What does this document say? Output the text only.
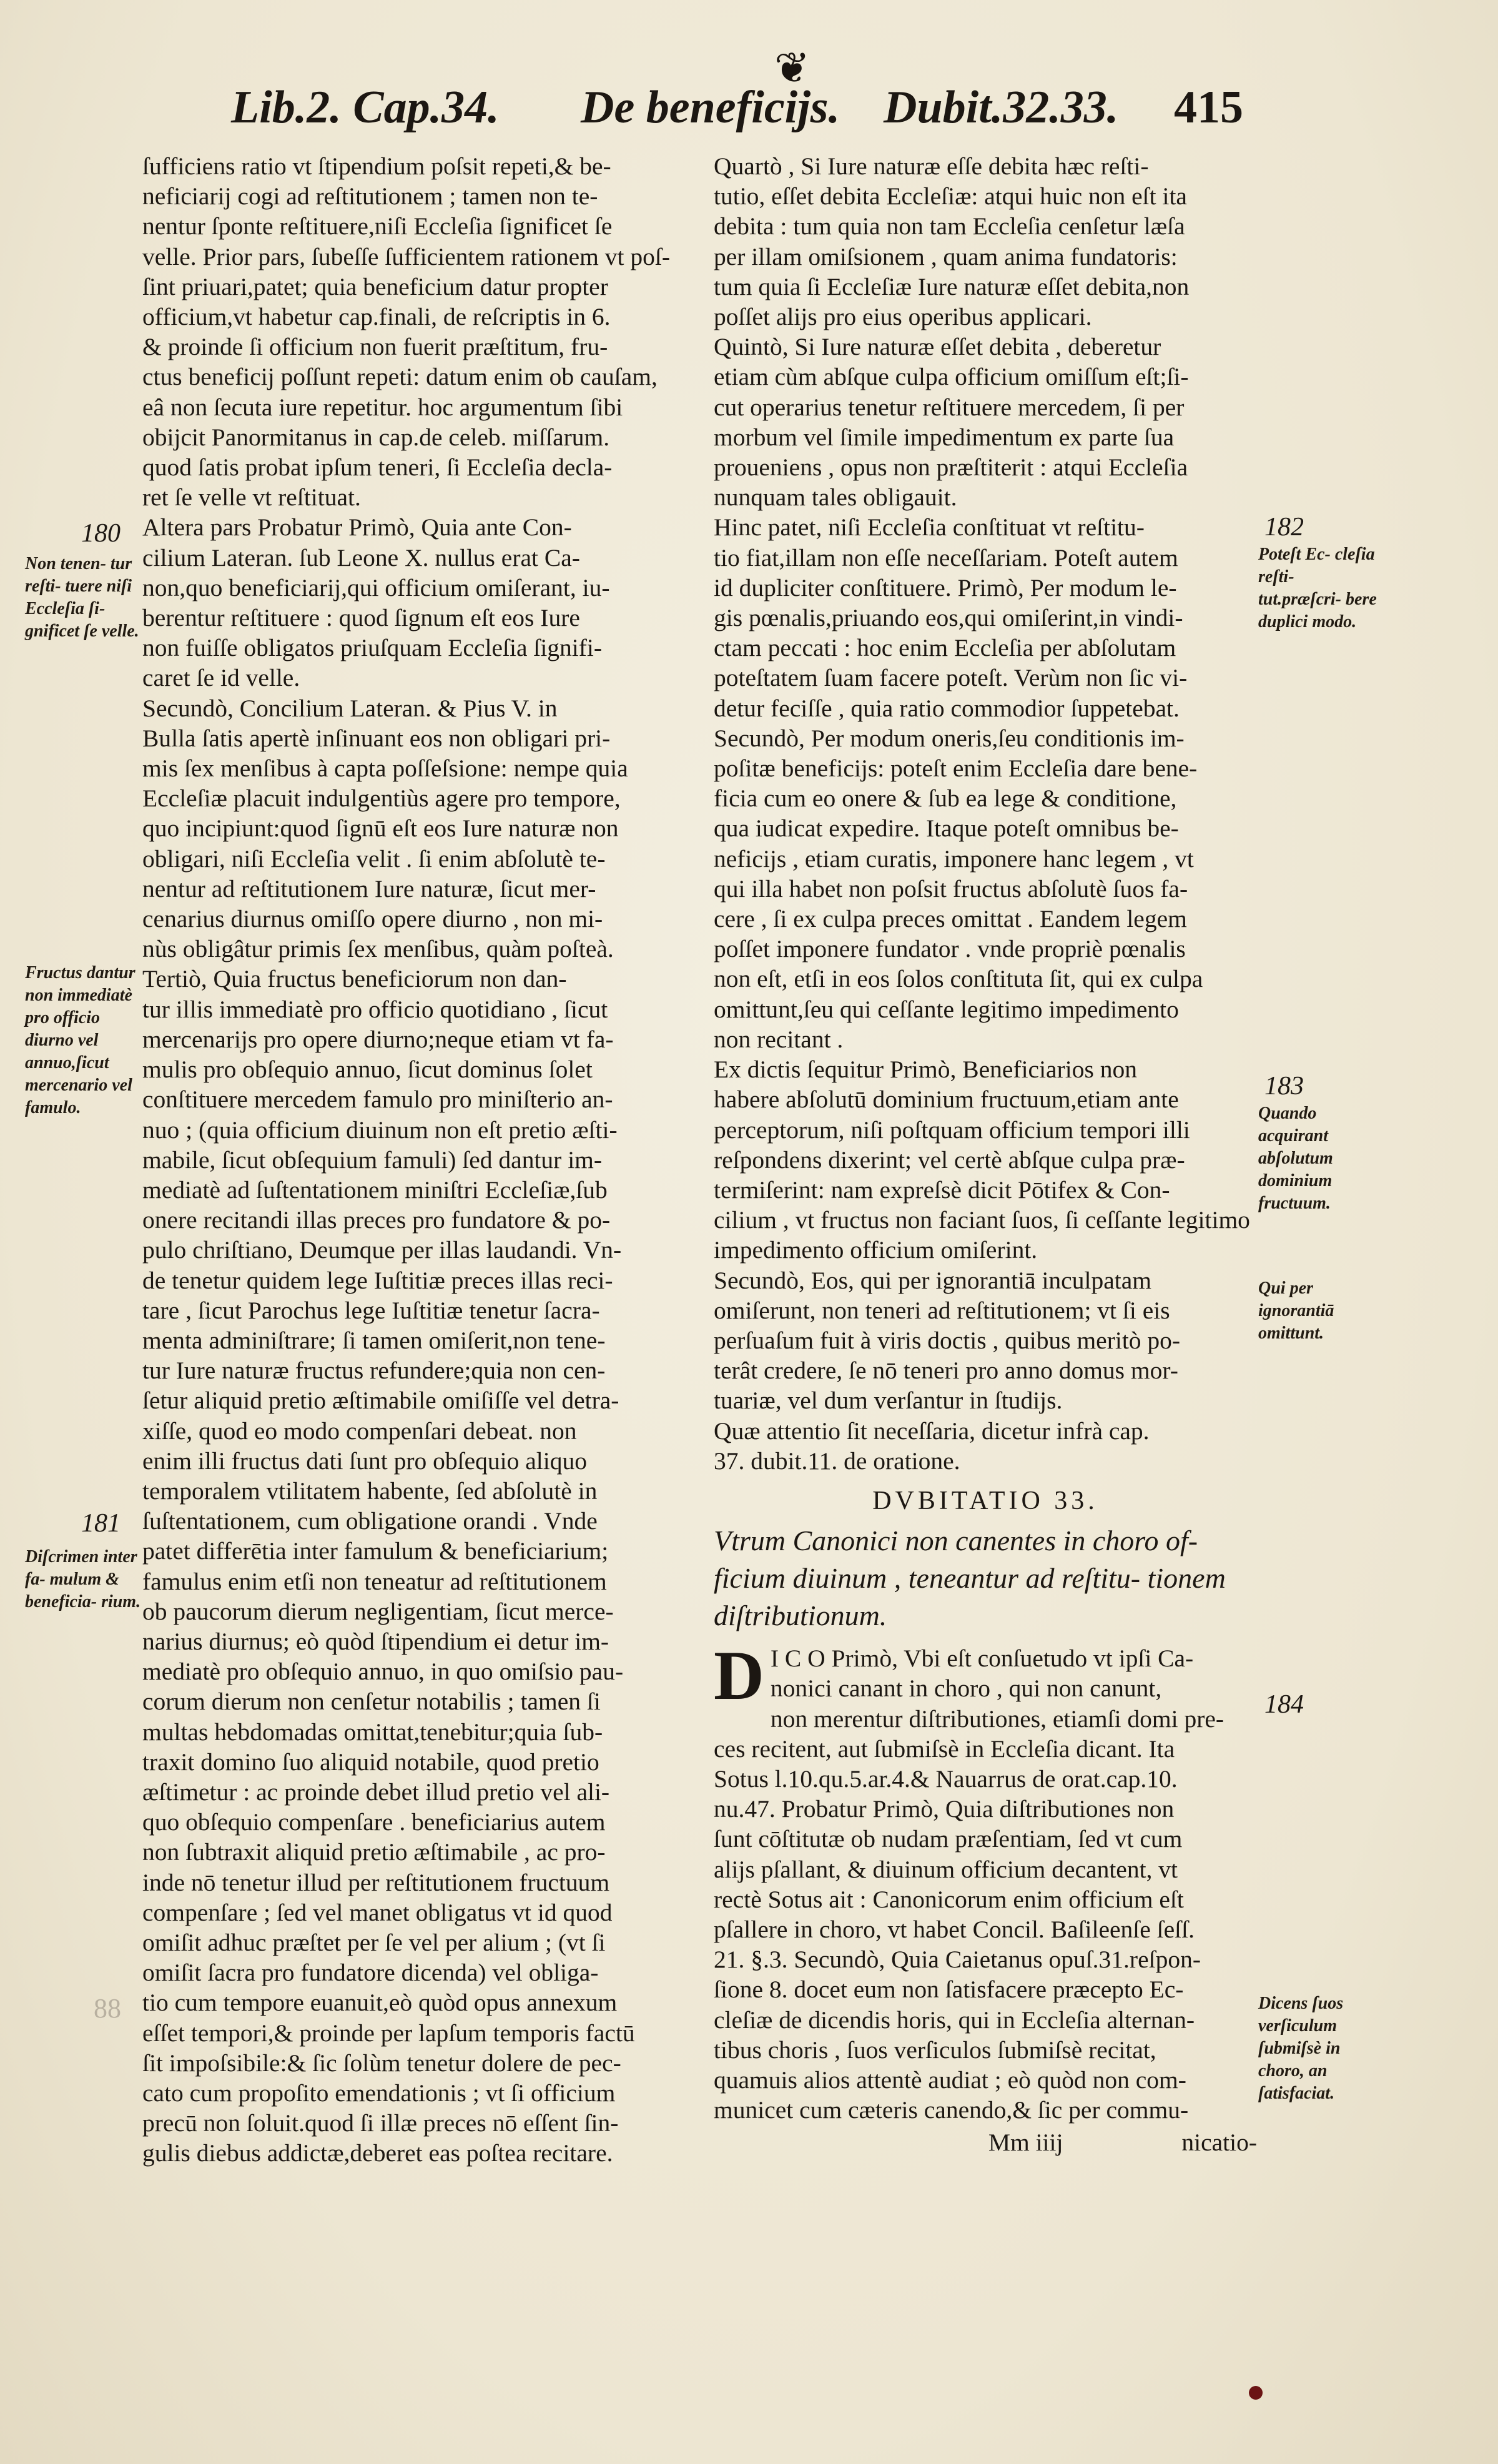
❦
Lib.2. Cap.34. De beneficijs. Dubit.32.33. 415

ſufficiens ratio vt ſtipendium poſsit repeti,& be-

neficiarij cogi ad reſtitutionem ; tamen non te-

nentur ſponte reſtituere,niſi Eccleſia ſignificet ſe

velle. Prior pars, ſubeſſe ſufficientem rationem vt poſ-

ſint priuari,patet; quia beneficium datur propter

officium,vt habetur cap.finali, de reſcriptis in 6.

& proinde ſi officium non fuerit præſtitum, fru-

ctus beneficij poſſunt repeti: datum enim ob cauſam,

eâ non ſecuta iure repetitur. hoc argumentum ſibi

obijcit Panormitanus in cap.de celeb. miſſarum.

quod ſatis probat ipſum teneri, ſi Eccleſia decla-

ret ſe velle vt reſtituat.

Altera pars Probatur Primò, Quia ante Con-

cilium Lateran. ſub Leone X. nullus erat Ca-

non,quo beneficiarij,qui officium omiſerant, iu-

berentur reſtituere : quod ſignum eſt eos Iure

non fuiſſe obligatos priuſquam Eccleſia ſignifi-

caret ſe id velle.

Secundò, Concilium Lateran. & Pius V. in

Bulla ſatis apertè inſinuant eos non obligari pri-

mis ſex menſibus à capta poſſeſsione: nempe quia

Eccleſiæ placuit indulgentiùs agere pro tempore,

quo incipiunt:quod ſignū eſt eos Iure naturæ non

obligari, niſi Eccleſia velit . ſi enim abſolutè te-

nentur ad reſtitutionem Iure naturæ, ſicut mer-

cenarius diurnus omiſſo opere diurno , non mi-

nùs obligâtur primis ſex menſibus, quàm poſteà.

Tertiò, Quia fructus beneficiorum non dan-

tur illis immediatè pro officio quotidiano , ſicut

mercenarijs pro opere diurno;neque etiam vt fa-

mulis pro obſequio annuo, ſicut dominus ſolet

conſtituere mercedem famulo pro miniſterio an-

nuo ; (quia officium diuinum non eſt pretio æſti-

mabile, ſicut obſequium famuli) ſed dantur im-

mediatè ad ſuſtentationem miniſtri Eccleſiæ,ſub

onere recitandi illas preces pro fundatore & po-

pulo chriſtiano, Deumque per illas laudandi. Vn-

de tenetur quidem lege Iuſtitiæ preces illas reci-

tare , ſicut Parochus lege Iuſtitiæ tenetur ſacra-

menta adminiſtrare; ſi tamen omiſerit,non tene-

tur Iure naturæ fructus refundere;quia non cen-

ſetur aliquid pretio æſtimabile omiſiſſe vel detra-

xiſſe, quod eo modo compenſari debeat. non

enim illi fructus dati ſunt pro obſequio aliquo

temporalem vtilitatem habente, ſed abſolutè in

ſuſtentationem, cum obligatione orandi . Vnde

patet differētia inter famulum & beneficiarium;

famulus enim etſi non teneatur ad reſtitutionem

ob paucorum dierum negligentiam, ſicut merce-

narius diurnus; eò quòd ſtipendium ei detur im-

mediatè pro obſequio annuo, in quo omiſsio pau-

corum dierum non cenſetur notabilis ; tamen ſi

multas hebdomadas omittat,tenebitur;quia ſub-

traxit domino ſuo aliquid notabile, quod pretio

æſtimetur : ac proinde debet illud pretio vel ali-

quo obſequio compenſare . beneficiarius autem

non ſubtraxit aliquid pretio æſtimabile , ac pro-

inde nō tenetur illud per reſtitutionem fructuum

compenſare ; ſed vel manet obligatus vt id quod

omiſit adhuc præſtet per ſe vel per alium ; (vt ſi

omiſit ſacra pro fundatore dicenda) vel obliga-

tio cum tempore euanuit,eò quòd opus annexum

eſſet tempori,& proinde per lapſum temporis factū

ſit impoſsibile:& ſic ſolùm tenetur dolere de pec-

cato cum propoſito emendationis ; vt ſi officium

precū non ſoluit.quod ſi illæ preces nō eſſent ſin-

gulis diebus addictæ,deberet eas poſtea recitare.

Quartò , Si Iure naturæ eſſe debita hæc reſti-

tutio, eſſet debita Eccleſiæ: atqui huic non eſt ita

debita : tum quia non tam Eccleſia cenſetur læſa

per illam omiſsionem , quam anima fundatoris:

tum quia ſi Eccleſiæ Iure naturæ eſſet debita,non

poſſet alijs pro eius operibus applicari.

Quintò, Si Iure naturæ eſſet debita , deberetur

etiam cùm abſque culpa officium omiſſum eſt;ſi-

cut operarius tenetur reſtituere mercedem, ſi per

morbum vel ſimile impedimentum ex parte ſua

proueniens , opus non præſtiterit : atqui Eccleſia

nunquam tales obligauit.

Hinc patet, niſi Eccleſia conſtituat vt reſtitu-

tio fiat,illam non eſſe neceſſariam. Poteſt autem

id dupliciter conſtituere. Primò, Per modum le-

gis pœnalis,priuando eos,qui omiſerint,in vindi-

ctam peccati : hoc enim Eccleſia per abſolutam

poteſtatem ſuam facere poteſt. Verùm non ſic vi-

detur feciſſe , quia ratio commodior ſuppetebat.

Secundò, Per modum oneris,ſeu conditionis im-

poſitæ beneficijs: poteſt enim Eccleſia dare bene-

ficia cum eo onere & ſub ea lege & conditione,

qua iudicat expedire. Itaque poteſt omnibus be-

neficijs , etiam curatis, imponere hanc legem , vt

qui illa habet non poſsit fructus abſolutè ſuos fa-

cere , ſi ex culpa preces omittat . Eandem legem

poſſet imponere fundator . vnde propriè pœnalis

non eſt, etſi in eos ſolos conſtituta ſit, qui ex culpa

omittunt,ſeu qui ceſſante legitimo impedimento

non recitant .

Ex dictis ſequitur Primò, Beneficiarios non

habere abſolutū dominium fructuum,etiam ante

perceptorum, niſi poſtquam officium tempori illi

reſpondens dixerint; vel certè abſque culpa præ-

termiſerint: nam expreſsè dicit Pōtifex & Con-

cilium , vt fructus non faciant ſuos, ſi ceſſante legitimo

impedimento officium omiſerint.

Secundò, Eos, qui per ignorantiā inculpatam

omiſerunt, non teneri ad reſtitutionem; vt ſi eis

perſuaſum fuit à viris doctis , quibus meritò po-

terât credere, ſe nō teneri pro anno domus mor-

tuariæ, vel dum verſantur in ſtudijs.

Quæ attentio ſit neceſſaria, dicetur infrà cap.

37. dubit.11. de oratione.

DVBITATIO 33.
Vtrum Canonici non canentes in choro of- ficium diuinum , teneantur ad reſtitu- tionem diſtributionum.
D I C O Primò, Vbi eſt conſuetudo vt ipſi Ca-

nonici canant in choro , qui non canunt,

non merentur diſtributiones, etiamſi domi pre-

ces recitent, aut ſubmiſsè in Eccleſia dicant. Ita

Sotus l.10.qu.5.ar.4.& Nauarrus de orat.cap.10.

nu.47. Probatur Primò, Quia diſtributiones non

ſunt cōſtitutæ ob nudam præſentiam, ſed vt cum

alijs pſallant, & diuinum officium decantent, vt

rectè Sotus ait : Canonicorum enim officium eſt

pſallere in choro, vt habet Concil. Baſileenſe ſeſſ.

21. §.3. Secundò, Quia Caietanus opuſ.31.reſpon-

ſione 8. docet eum non ſatisfacere præcepto Ec-

cleſiæ de dicendis horis, qui in Eccleſia alternan-

tibus choris , ſuos verſiculos ſubmiſsè recitat,

quamuis alios attentè audiat ; eò quòd non com-

municet cum cæteris canendo,& ſic per commu-

Mm iiij	nicatio-
180
181
182
183
184
Non tenen- tur reſti- tuere niſi Eccleſia ſi- gnificet ſe velle.
Fructus dantur non immediatè pro officio diurno vel annuo,ſicut mercenario vel famulo.
Diſcrimen inter fa- mulum & beneficia- rium.
Poteſt Ec- cleſia reſti- tut.præſcri- bere duplici modo.
Quando acquirant abſolutum dominium fructuum.
Qui per ignorantiā omittunt.
Dicens ſuos verſiculum ſubmiſsè in choro, an ſatisfaciat.
88
